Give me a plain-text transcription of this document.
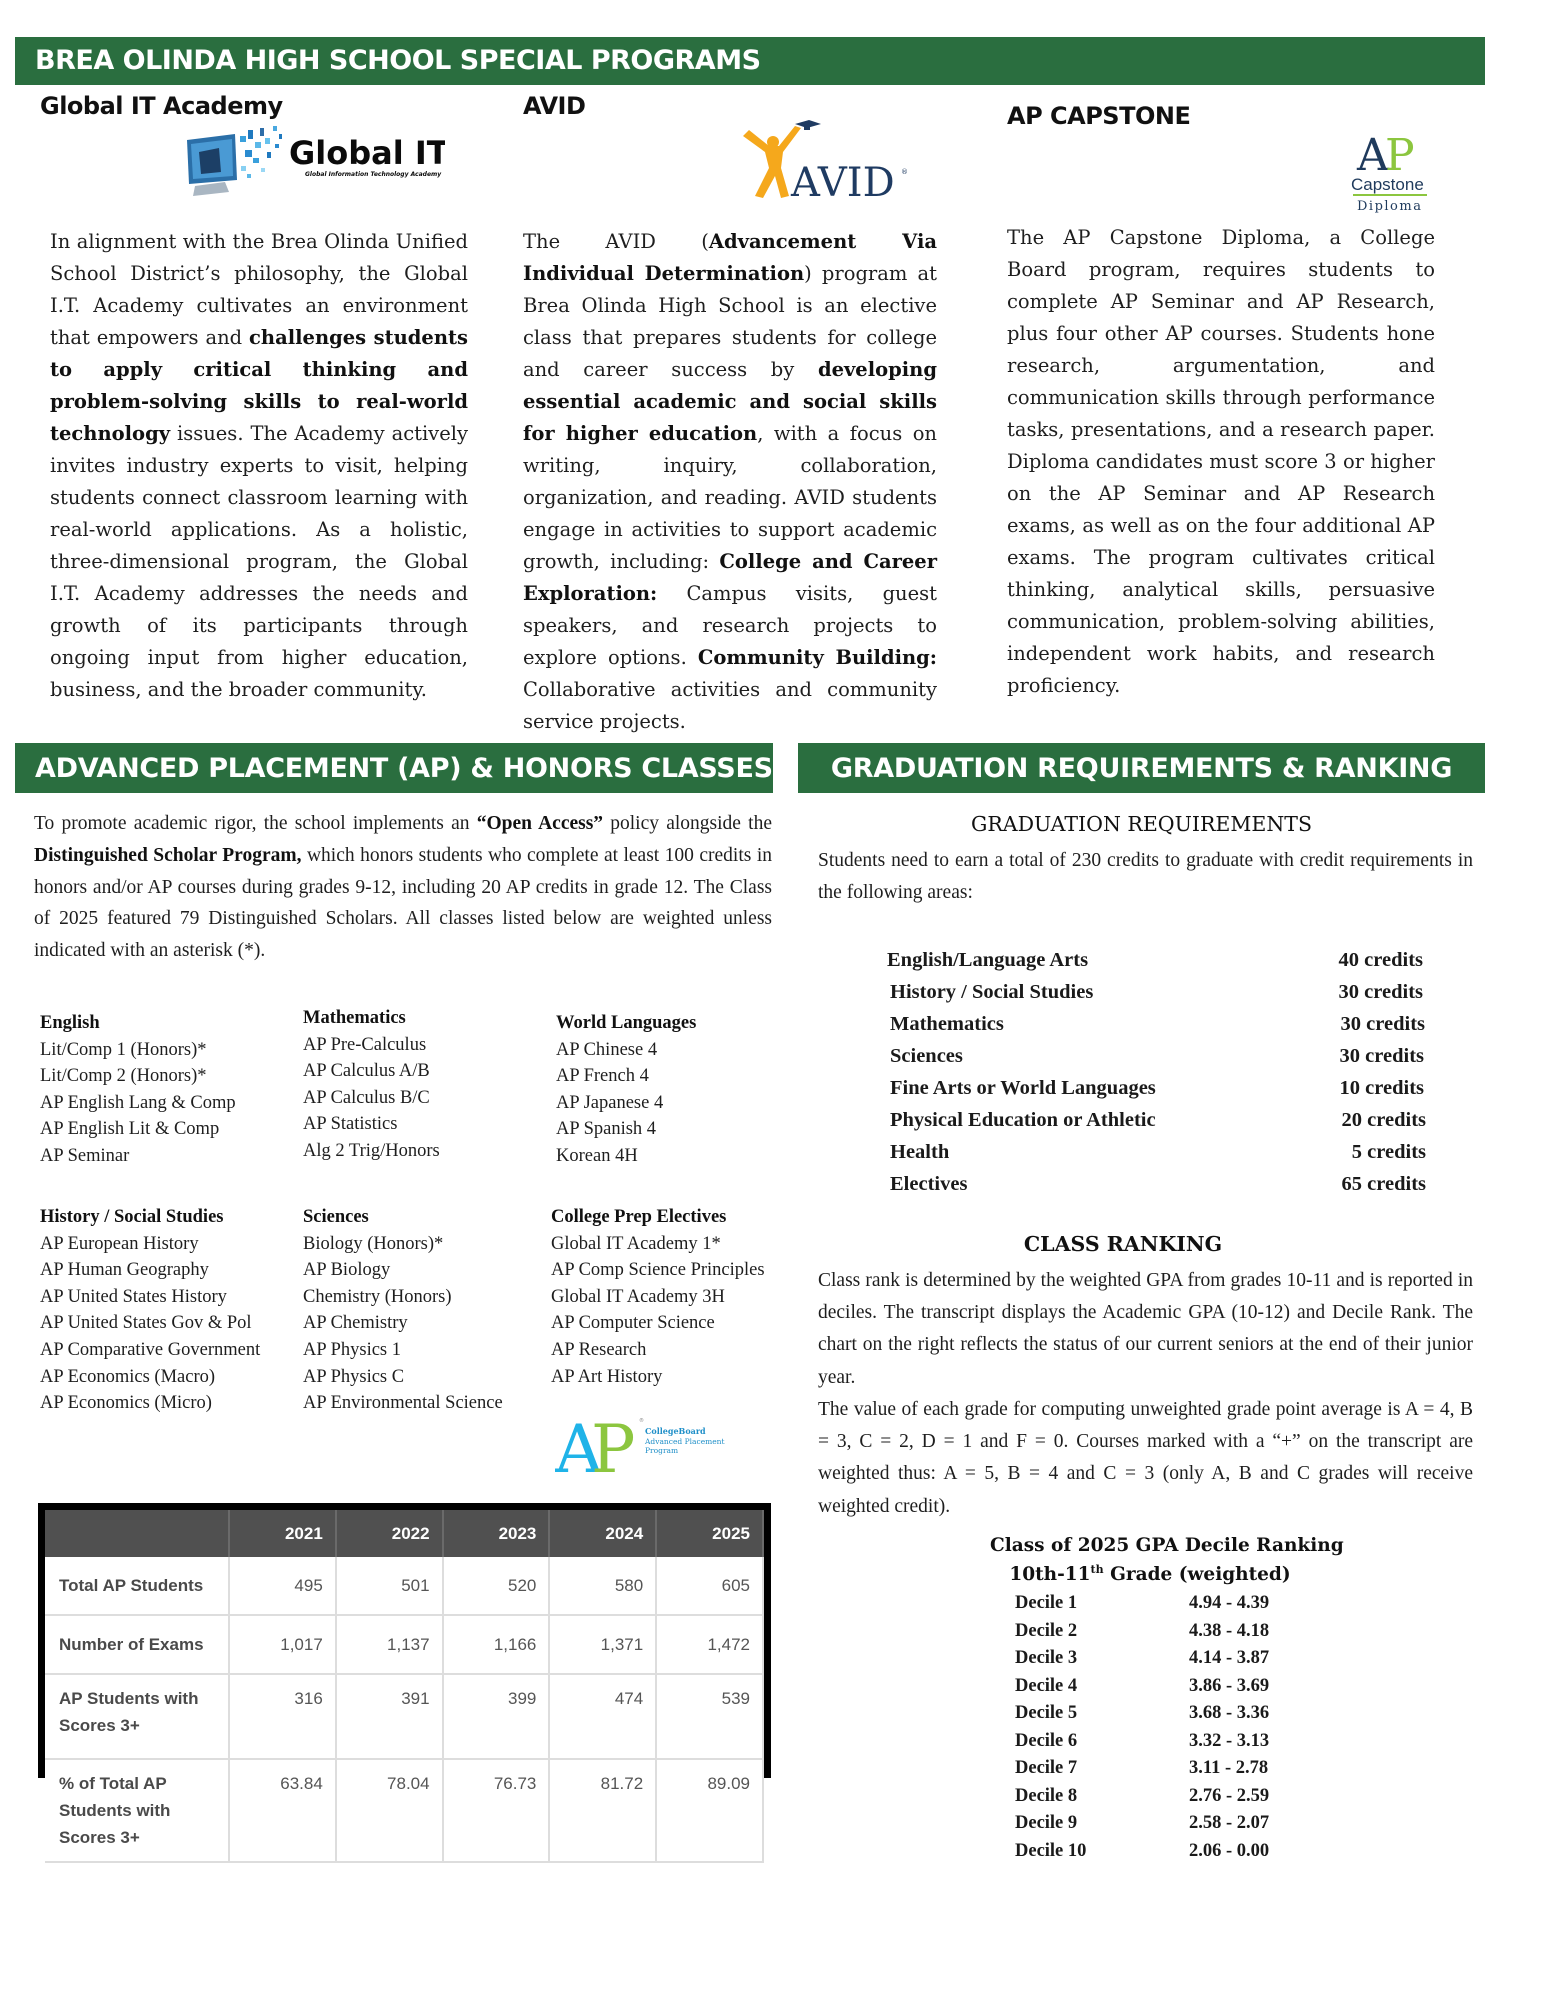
BREA OLINDA HIGH SCHOOL SPECIAL PROGRAMS
Global IT Academy	AVID	AP CAPSTONE
Global IT
Global Information Technology Academy	AVID ®	A
P
Capstone
Diploma
In alignment with the Brea Olinda Unified School District’s philosophy, the Global I.T. Academy cultivates an environment that empowers and challenges students to apply critical thinking and problem-solving skills to real-world technology issues. The Academy actively invites industry experts to visit, helping students connect classroom learning with real-world applications. As a holistic, three-dimensional program, the Global I.T. Academy addresses the needs and growth of its participants through ongoing input from higher education, business, and the broader community.
The AVID (Advancement Via Individual Determination) program at Brea Olinda High School is an elective class that prepares students for college and career success by developing essential academic and social skills for higher education, with a focus on writing, inquiry, collaboration, organization, and reading. AVID students engage in activities to support academic growth, including: College and Career Exploration: Campus visits, guest speakers, and research projects to explore options. Community Building: Collaborative activities and community service projects.
The AP Capstone Diploma, a College Board program, requires students to complete AP Seminar and AP Research, plus four other AP courses. Students hone research, argumentation, and communication skills through performance tasks, presentations, and a research paper. Diploma candidates must score 3 or higher on the AP Seminar and AP Research exams, as well as on the four additional AP exams. The program cultivates critical thinking, analytical skills, persuasive communication, problem-solving abilities, independent work habits, and research proficiency.
ADVANCED PLACEMENT (AP) & HONORS CLASSES
To promote academic rigor, the school implements an “Open Access” policy alongside the Distinguished Scholar Program, which honors students who complete at least 100 credits in honors and/or AP courses during grades 9-12, including 20 AP credits in grade 12. The Class of 2025 featured 79 Distinguished Scholars. All classes listed below are weighted unless indicated with an asterisk (*).
English
Lit/Comp 1 (Honors)*
Lit/Comp 2 (Honors)*
AP English Lang & Comp
AP English Lit & Comp
AP Seminar
Mathematics
AP Pre-Calculus
AP Calculus A/B
AP Calculus B/C
AP Statistics
Alg 2 Trig/Honors
World Languages
AP Chinese 4
AP French 4
AP Japanese 4
AP Spanish 4
Korean 4H
History / Social Studies
AP European History
AP Human Geography
AP United States History
AP United States Gov & Pol
AP Comparative Government
AP Economics (Macro)
AP Economics (Micro)
Sciences
Biology (Honors)*
AP Biology
Chemistry (Honors)
AP Chemistry
AP Physics 1
AP Physics C
AP Environmental Science
College Prep Electives
Global IT Academy 1*
AP Comp Science Principles
Global IT Academy 3H
AP Computer Science
AP Research
AP Art History
A
P ®
CollegeBoard
Advanced Placement
Program
	2021	2022	2023	2024	2025
Total AP Students	495	501	520	580	605
Number of Exams	1,017	1,137	1,166	1,371	1,472
AP Students with Scores 3+	316	391	399	474	539
% of Total AP Students with Scores 3+	63.84	78.04	76.73	81.72	89.09
GRADUATION REQUIREMENTS & RANKING
GRADUATION REQUIREMENTS
Students need to earn a total of 230 credits to graduate with credit requirements in the following areas:
English/Language Arts	40 credits
History / Social Studies	30 credits
Mathematics	30 credits
Sciences	30 credits
Fine Arts or World Languages	10 credits
Physical Education or Athletic	20 credits
Health	5 credits
Electives	65 credits
CLASS RANKING
Class rank is determined by the weighted GPA from grades 10-11 and is reported in deciles. The transcript displays the Academic GPA (10-12) and Decile Rank. The chart on the right reflects the status of our current seniors at the end of their junior year.
The value of each grade for computing unweighted grade point average is A = 4, B = 3, C = 2, D = 1 and F = 0. Courses marked with a “+” on the transcript are weighted thus: A = 5, B = 4 and C = 3 (only A, B and C grades will receive weighted credit).
Class of 2025 GPA Decile Ranking
10th-11th Grade (weighted)
Decile 1	4.94 - 4.39
Decile 2	4.38 - 4.18
Decile 3	4.14 - 3.87
Decile 4	3.86 - 3.69
Decile 5	3.68 - 3.36
Decile 6	3.32 - 3.13
Decile 7	3.11 - 2.78
Decile 8	2.76 - 2.59
Decile 9	2.58 - 2.07
Decile 10	2.06 - 0.00
